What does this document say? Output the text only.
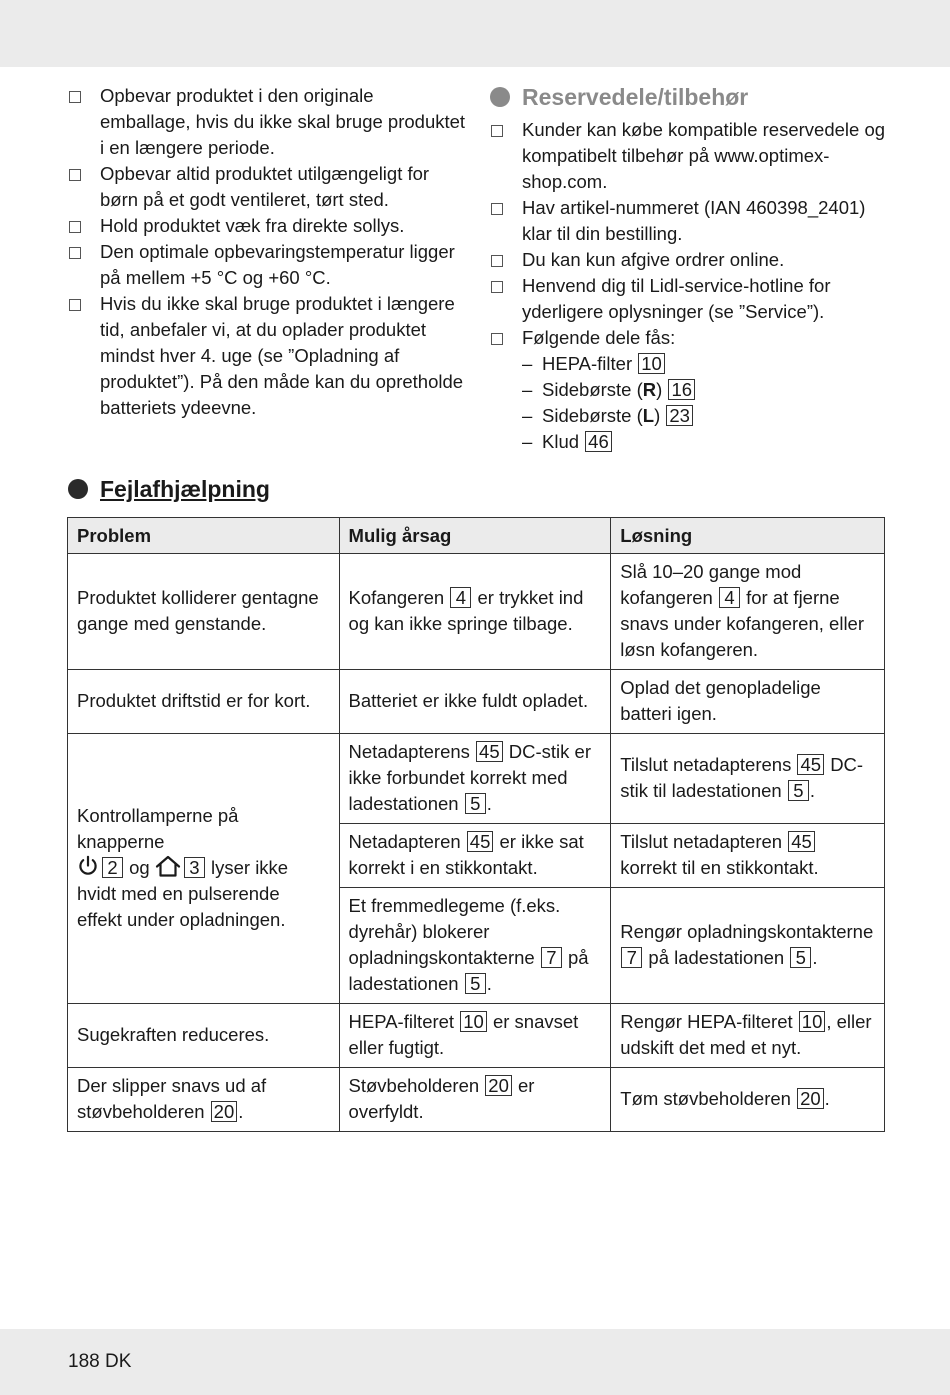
Opbevar produktet i den originale emballage, hvis du ikke skal bruge produktet i en længere periode.
Opbevar altid produktet utilgængeligt for børn på et godt ventileret, tørt sted.
Hold produktet væk fra direkte sollys.
Den optimale opbevaringstemperatur ligger på mellem +5 °C og +60 °C.
Hvis du ikke skal bruge produktet i længere tid, anbefaler vi, at du oplader produktet mindst hver 4. uge (se ”Opladning af produktet”). På den måde kan du opretholde batteriets ydeevne.
Reservedele/tilbehør
Kunder kan købe kompatible reservedele og kompatibelt tilbehør på www.optimex-shop.com.
Hav artikel-nummeret (IAN 460398_2401) klar til din bestilling.
Du kan kun afgive ordrer online.
Henvend dig til Lidl-service-hotline for yderligere oplysninger (se ”Service”).
Følgende dele fås:
– HEPA-filter 10
– Sidebørste (R) 16
– Sidebørste (L) 23
– Klud 46
Fejlafhjælpning
Problem	Mulig årsag	Løsning
Produktet kolliderer gentagne gange med genstande.	Kofangeren 4 er trykket ind og kan ikke springe tilbage.	Slå 10–20 gange mod kofangeren 4 for at fjerne snavs under kofangeren, eller løsn kofangeren.
Produktet driftstid er for kort.	Batteriet er ikke fuldt opladet.	Oplad det genopladelige batteri igen.
Kontrollamperne på knapperne
2 og 3 lyser ikke hvidt med en pulserende effekt under opladningen.	Netadapterens 45 DC-stik er ikke forbundet korrekt med ladestationen 5 .	Tilslut netadapterens 45 DC-stik til ladestationen 5 .
	Netadapteren 45 er ikke sat korrekt i en stikkontakt.	Tilslut netadapteren 45 korrekt til en stikkontakt.
	Et fremmedlegeme (f.eks. dyrehår) blokerer opladningskontakterne 7 på ladestationen 5 .	Rengør opladningskontakterne 7 på ladestationen 5 .
Sugekraften reduceres.	HEPA-filteret 10 er snavset eller fugtigt.	Rengør HEPA-filteret 10 , eller udskift det med et nyt.
Der slipper snavs ud af støvbeholderen 20 .	Støvbeholderen 20 er overfyldt.	Tøm støvbeholderen 20 .
188 DK
